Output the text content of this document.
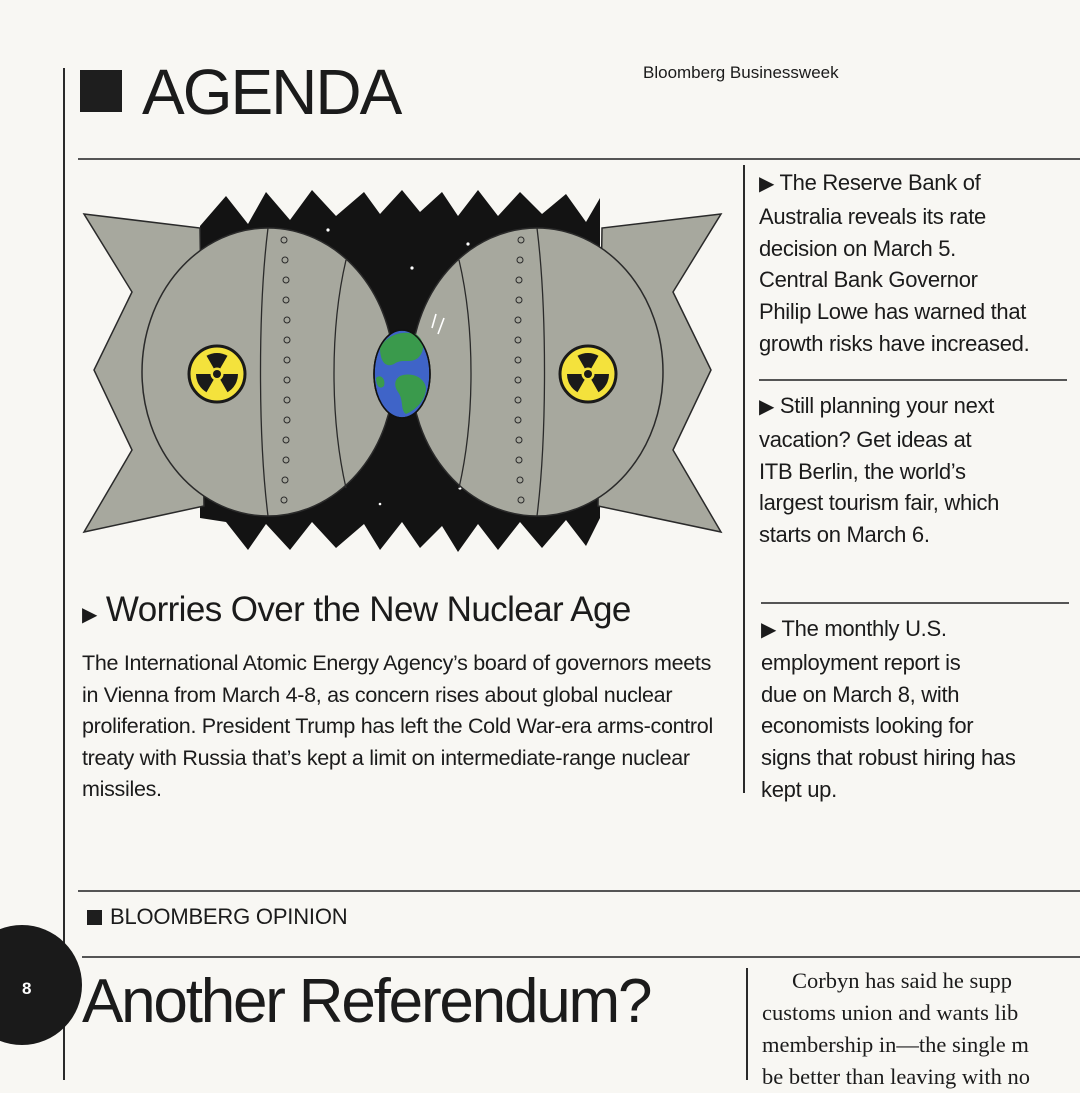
AGENDA	Bloomberg Businessweek
▶ Worries Over the New Nuclear Age
The International Atomic Energy Agency’s board of governors meets in Vienna from March 4-8, as concern rises about global nuclear proliferation. President Trump has left the Cold War-era arms-control treaty with Russia that’s kept a limit on intermediate-range nuclear missiles.
▶ The Reserve Bank of
Australia reveals its rate
decision on March 5.
Central Bank Governor
Philip Lowe has warned that
growth risks have increased.
▶ Still planning your next
vacation? Get ideas at
ITB Berlin, the world’s
largest tourism fair, which
starts on March 6.
▶ The monthly U.S.
employment report is
due on March 8, with
economists looking for
signs that robust hiring has
kept up.
BLOOMBERG OPINION
8 Another Referendum?	Corbyn has said he supp
customs union and wants lib
membership in—the single m
be better than leaving with no
